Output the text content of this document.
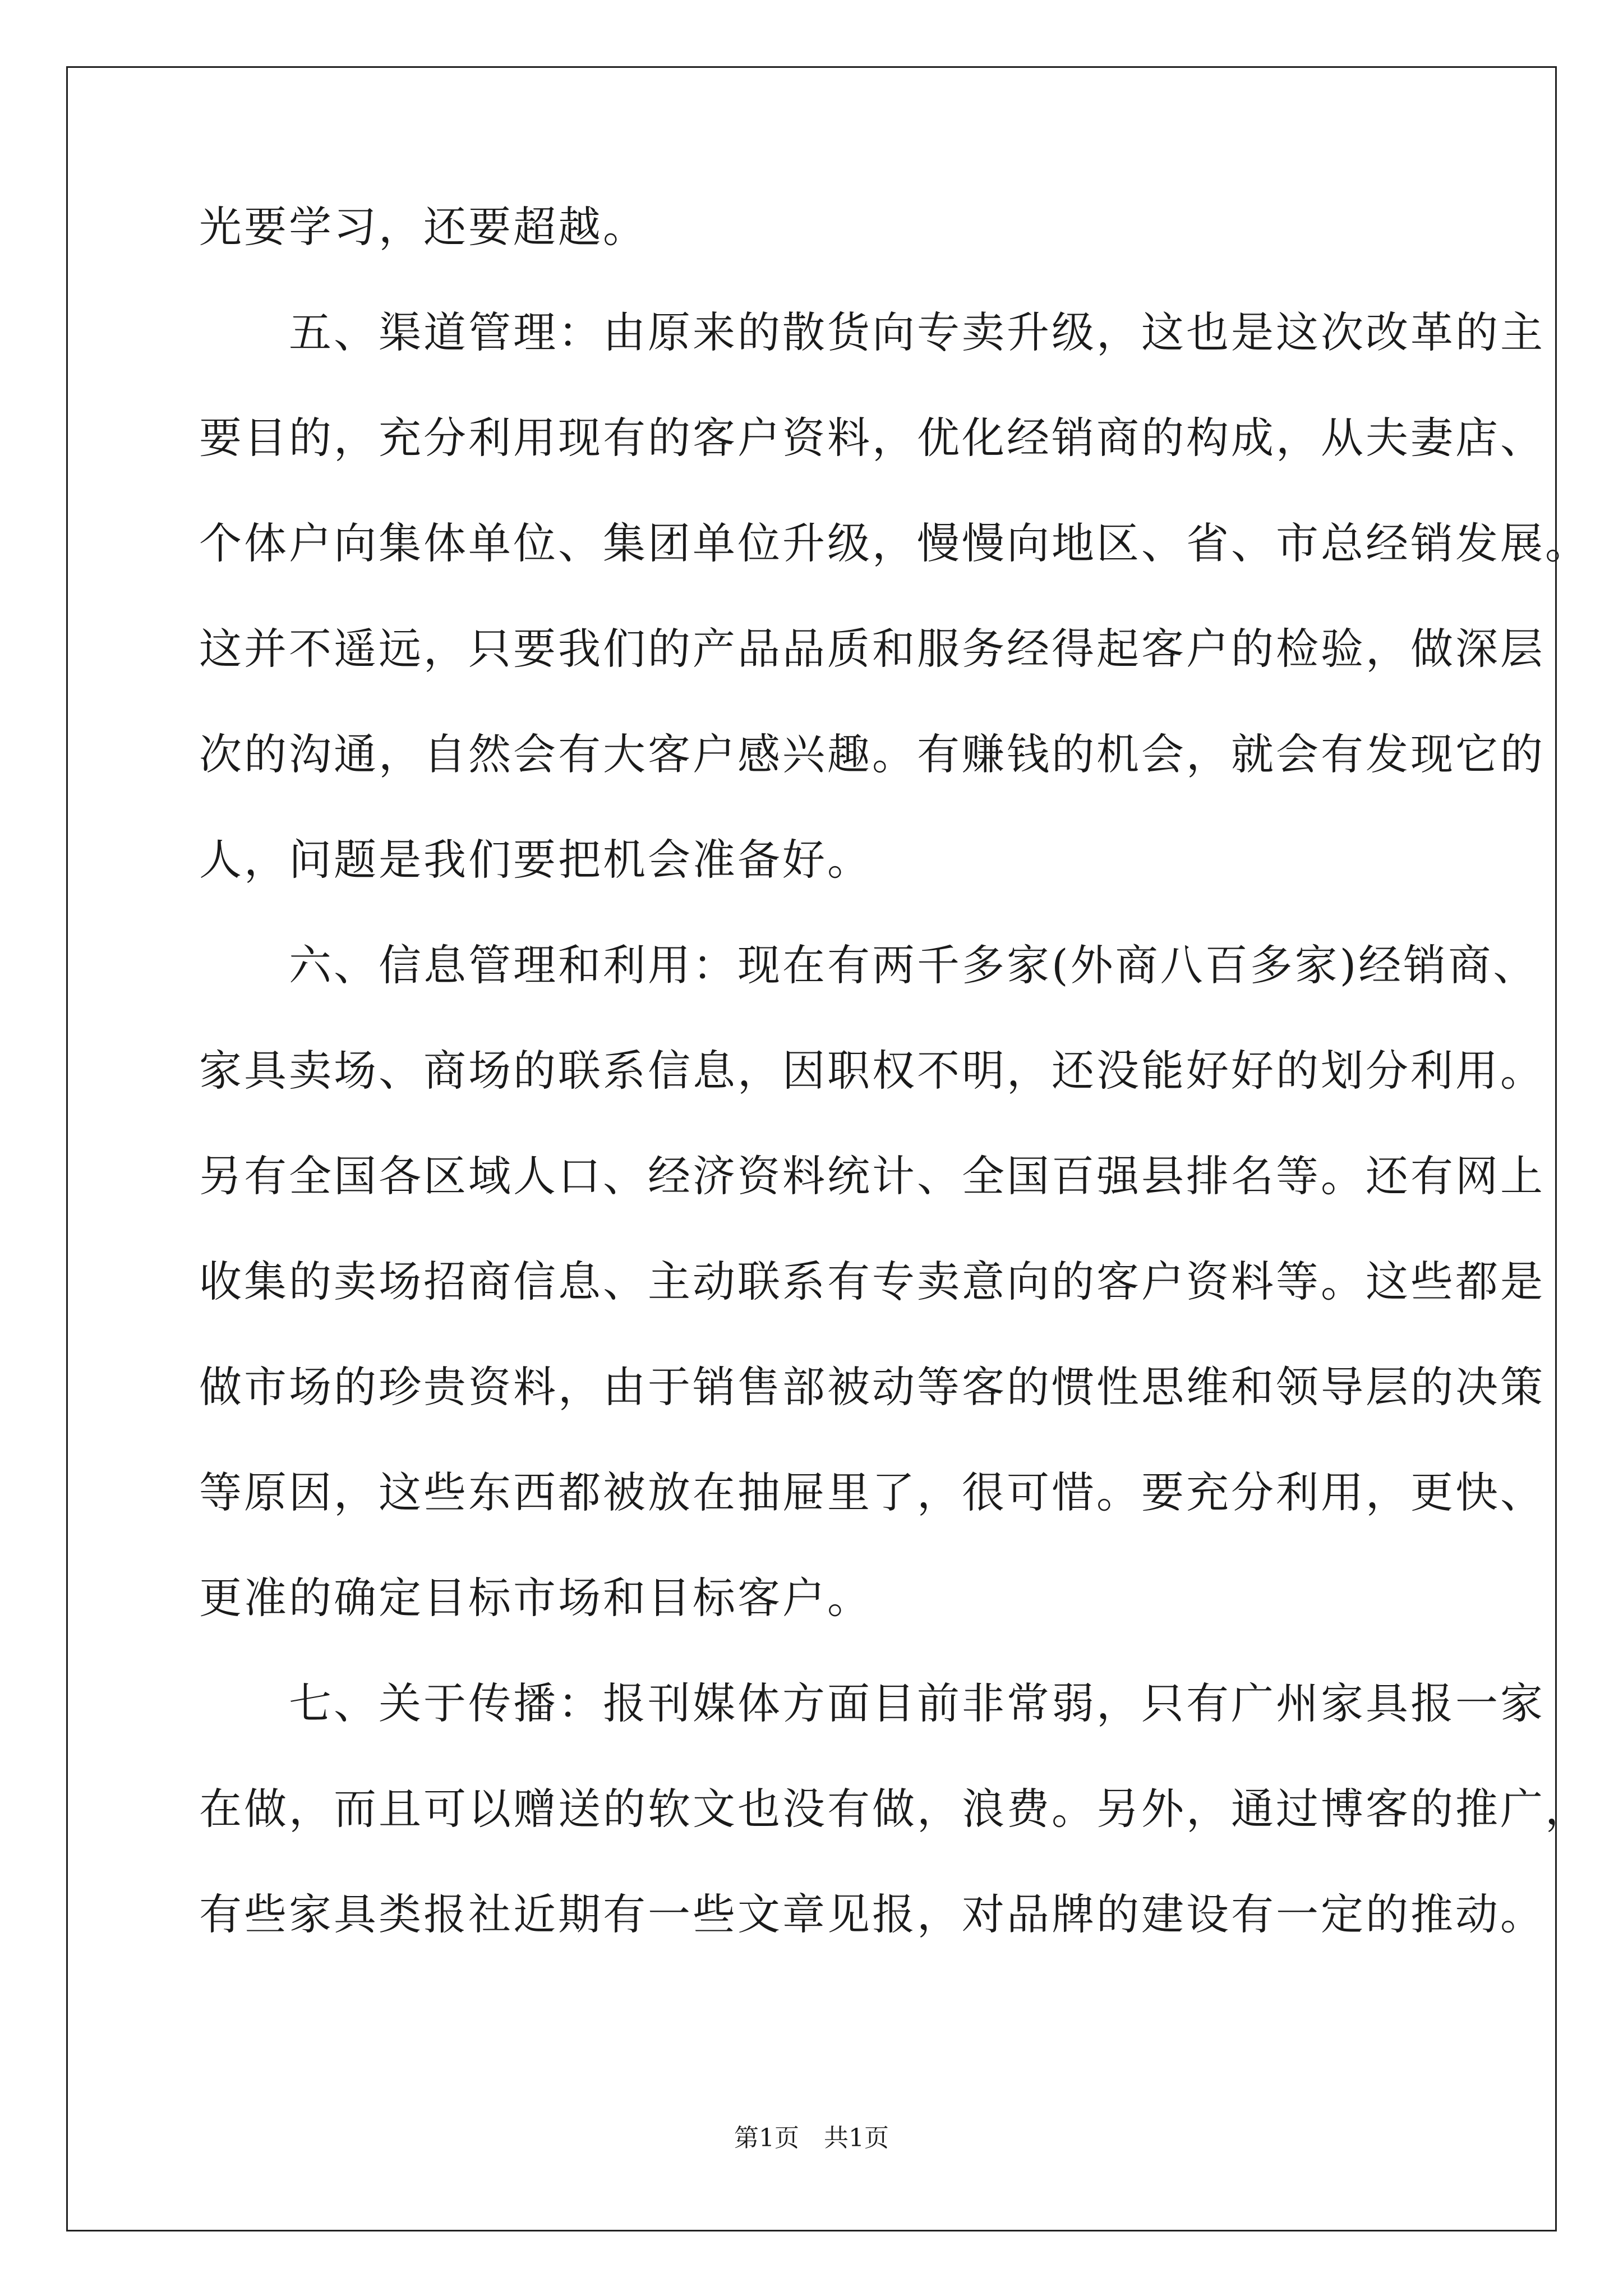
光要学习，还要超越。
　　五、渠道管理：由原来的散货向专卖升级，这也是这次改革的主
要目的，充分利用现有的客户资料，优化经销商的构成，从夫妻店、
个体户向集体单位、集团单位升级，慢慢向地区、省、市总经销发展。
这并不遥远，只要我们的产品品质和服务经得起客户的检验，做深层
次的沟通，自然会有大客户感兴趣。有赚钱的机会，就会有发现它的
人，问题是我们要把机会准备好。
　　六、信息管理和利用：现在有两千多家(外商八百多家)经销商、
家具卖场、商场的联系信息，因职权不明，还没能好好的划分利用。
另有全国各区域人口、经济资料统计、全国百强县排名等。还有网上
收集的卖场招商信息、主动联系有专卖意向的客户资料等。这些都是
做市场的珍贵资料，由于销售部被动等客的惯性思维和领导层的决策
等原因，这些东西都被放在抽屉里了，很可惜。要充分利用，更快、
更准的确定目标市场和目标客户。
　　七、关于传播：报刊媒体方面目前非常弱，只有广州家具报一家
在做，而且可以赠送的软文也没有做，浪费。另外，通过博客的推广，
有些家具类报社近期有一些文章见报，对品牌的建设有一定的推动。
第1页　共1页
